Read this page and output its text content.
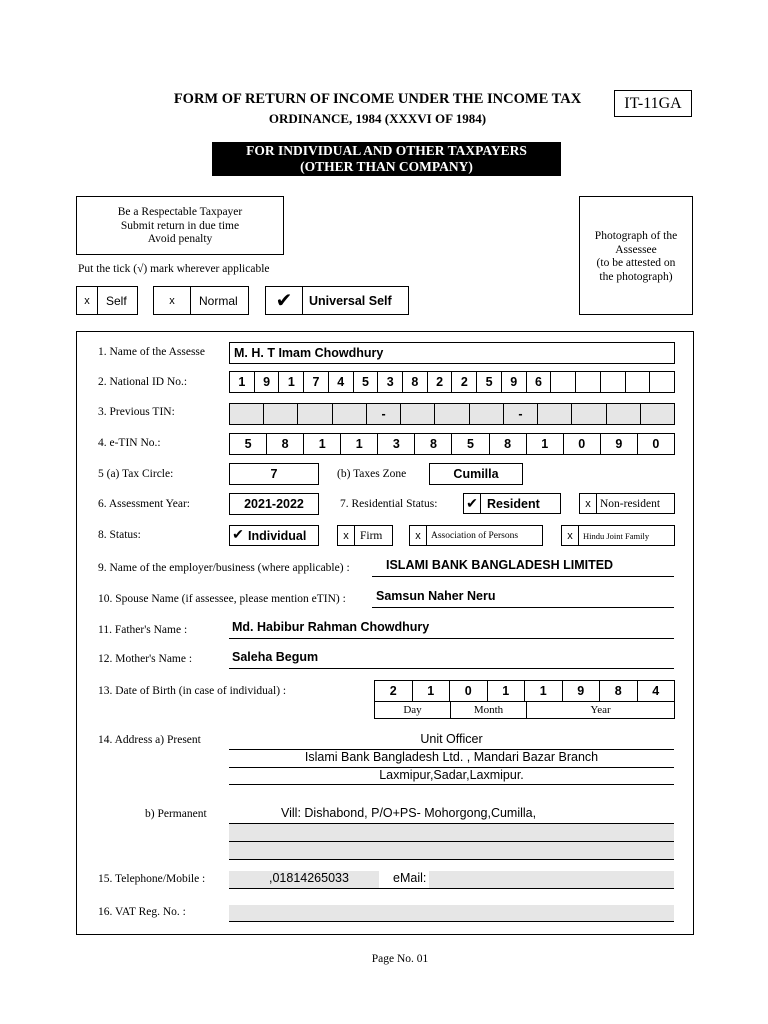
FORM OF RETURN OF INCOME UNDER THE INCOME TAX
ORDINANCE, 1984 (XXXVI OF 1984)
IT-11GA
FOR INDIVIDUAL AND OTHER TAXPAYERS
(OTHER THAN COMPANY)
Be a Respectable Taxpayer
Submit return in due time
Avoid penalty	Photograph of the
Assessee
(to be attested on
the photograph)
Put the tick (√) mark wherever applicable
x	Self	x	Normal	✔	Universal Self
1. Name of the Assesse	M. H. T Imam Chowdhury
2. National ID No.:	1	9	1	7	4	5	3	8	2	2	5	9	6
3. Previous TIN:	-	-
4. e-TIN No.:	5	8	1	1	3	8	5	8	1	0	9	0
5 (a) Tax Circle:	7	(b) Taxes Zone	Cumilla
6. Assessment Year:	2021-2022	7. Residential Status: ✔ Resident	x Non-resident
8. Status:	✔ Individual	x Firm	x	Association of Persons	x	Hindu Joint Family
9. Name of the employer/business (where applicable) :	ISLAMI BANK BANGLADESH LIMITED
10. Spouse Name (if assessee, please mention eTIN) :	Samsun Naher Neru
11. Father's Name :	Md. Habibur Rahman Chowdhury
12. Mother's Name :	Saleha Begum
13. Date of Birth (in case of individual) :	2	1	0	1	1	9	8	4
Day	Month	Year
14. Address a) Present	Unit Officer
Islami Bank Bangladesh Ltd. , Mandari Bazar Branch
Laxmipur,Sadar,Laxmipur.
b) Permanent	Vill: Dishabond, P/O+PS- Mohorgong,Cumilla,
15. Telephone/Mobile :	,01814265033	eMail:
16. VAT Reg. No. :
Page No. 01
